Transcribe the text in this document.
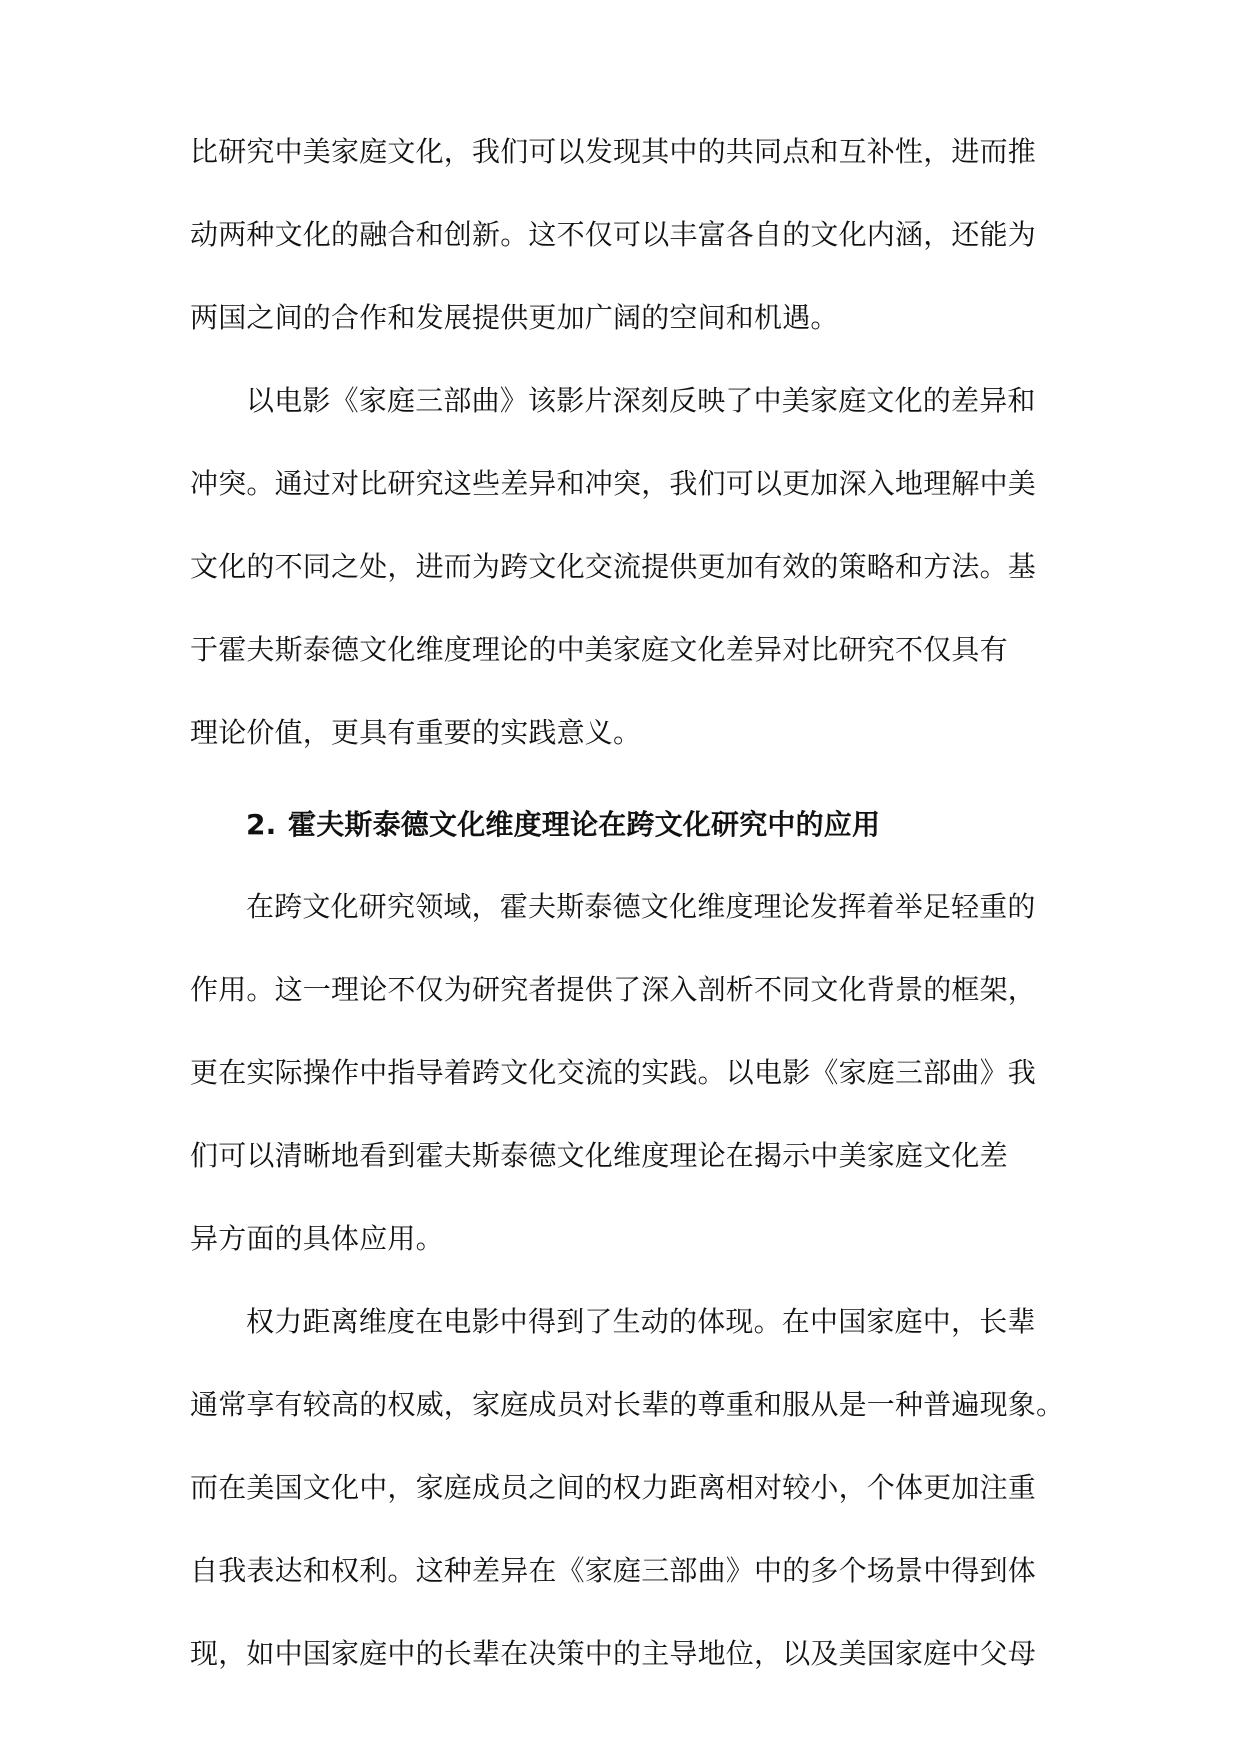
比研究中美家庭文化，我们可以发现其中的共同点和互补性，进而推
动两种文化的融合和创新。这不仅可以丰富各自的文化内涵，还能为
两国之间的合作和发展提供更加广阔的空间和机遇。
以电影《家庭三部曲》该影片深刻反映了中美家庭文化的差异和
冲突。通过对比研究这些差异和冲突，我们可以更加深入地理解中美
文化的不同之处，进而为跨文化交流提供更加有效的策略和方法。基
于霍夫斯泰德文化维度理论的中美家庭文化差异对比研究不仅具有
理论价值，更具有重要的实践意义。
2. 霍夫斯泰德文化维度理论在跨文化研究中的应用
在跨文化研究领域，霍夫斯泰德文化维度理论发挥着举足轻重的
作用。这一理论不仅为研究者提供了深入剖析不同文化背景的框架，
更在实际操作中指导着跨文化交流的实践。以电影《家庭三部曲》我
们可以清晰地看到霍夫斯泰德文化维度理论在揭示中美家庭文化差
异方面的具体应用。
权力距离维度在电影中得到了生动的体现。在中国家庭中，长辈
通常享有较高的权威，家庭成员对长辈的尊重和服从是一种普遍现象。
而在美国文化中，家庭成员之间的权力距离相对较小，个体更加注重
自我表达和权利。这种差异在《家庭三部曲》中的多个场景中得到体
现，如中国家庭中的长辈在决策中的主导地位，以及美国家庭中父母
